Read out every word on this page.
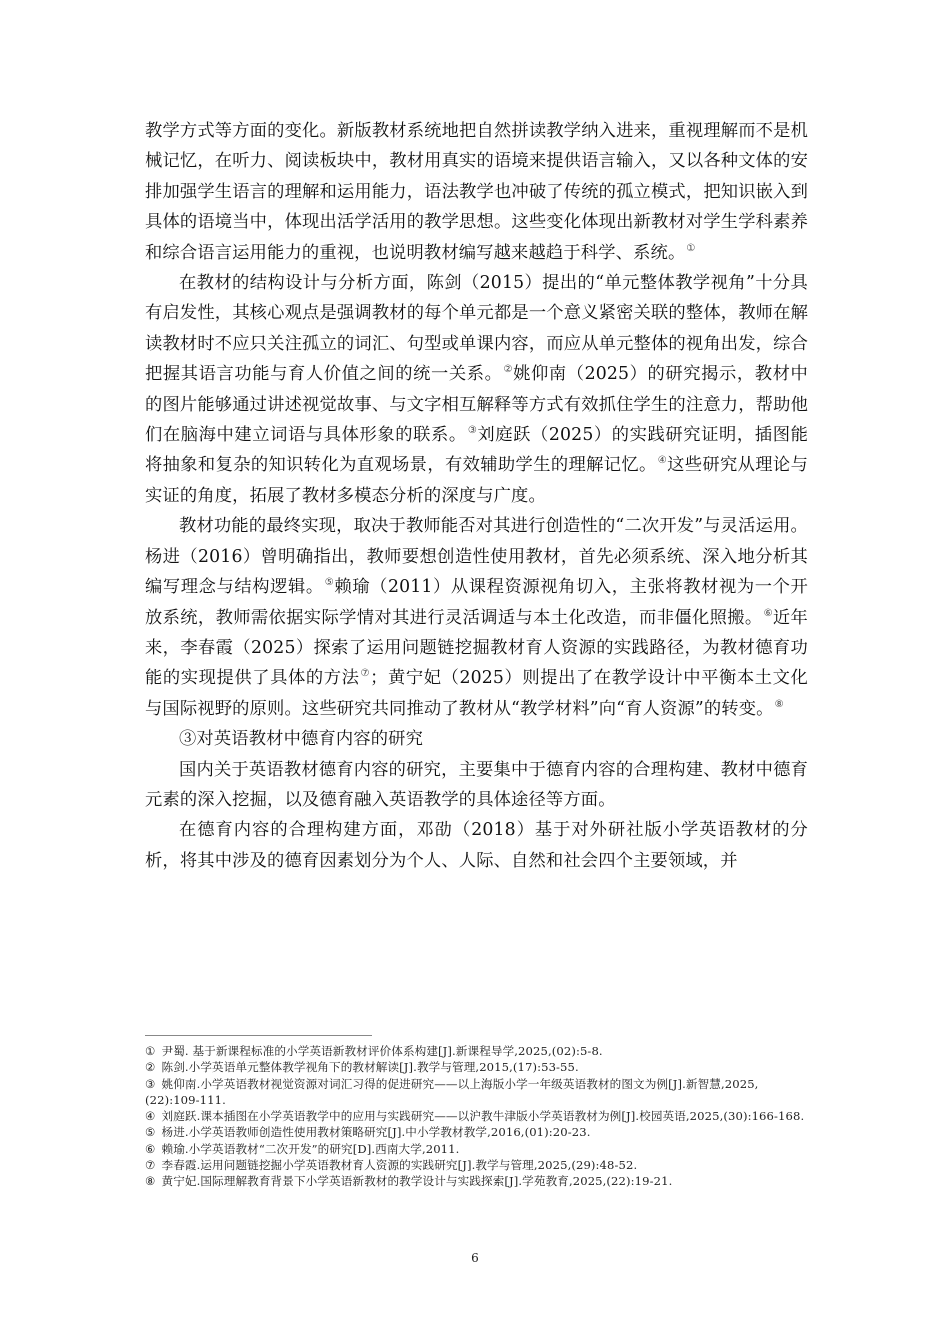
教学方式等方面的变化。新版教材系统地把自然拼读教学纳入进来，重视理解而不是机械记忆，在听力、阅读板块中，教材用真实的语境来提供语言输入，又以各种文体的安排加强学生语言的理解和运用能力，语法教学也冲破了传统的孤立模式，把知识嵌入到具体的语境当中，体现出活学活用的教学思想。这些变化体现出新教材对学生学科素养和综合语言运用能力的重视，也说明教材编写越来越趋于科学、系统。①

在教材的结构设计与分析方面，陈剑（2015）提出的“单元整体教学视角”十分具有启发性，其核心观点是强调教材的每个单元都是一个意义紧密关联的整体，教师在解读教材时不应只关注孤立的词汇、句型或单课内容，而应从单元整体的视角出发，综合把握其语言功能与育人价值之间的统一关系。②姚仰南（2025）的研究揭示，教材中的图片能够通过讲述视觉故事、与文字相互解释等方式有效抓住学生的注意力，帮助他们在脑海中建立词语与具体形象的联系。③刘庭跃（2025）的实践研究证明，插图能将抽象和复杂的知识转化为直观场景，有效辅助学生的理解记忆。④这些研究从理论与实证的角度，拓展了教材多模态分析的深度与广度。

教材功能的最终实现，取决于教师能否对其进行创造性的“二次开发”与灵活运用。杨进（2016）曾明确指出，教师要想创造性使用教材，首先必须系统、深入地分析其编写理念与结构逻辑。⑤赖瑜（2011）从课程资源视角切入，主张将教材视为一个开放系统，教师需依据实际学情对其进行灵活调适与本土化改造，而非僵化照搬。⑥近年来，李春霞（2025）探索了运用问题链挖掘教材育人资源的实践路径，为教材德育功能的实现提供了具体的方法⑦；黄宁妃（2025）则提出了在教学设计中平衡本土文化与国际视野的原则。这些研究共同推动了教材从“教学材料”向“育人资源”的转变。⑧

③对英语教材中德育内容的研究

国内关于英语教材德育内容的研究，主要集中于德育内容的合理构建、教材中德育元素的深入挖掘，以及德育融入英语教学的具体途径等方面。

在德育内容的合理构建方面，邓劭（2018）基于对外研社版小学英语教材的分析，将其中涉及的德育因素划分为个人、人际、自然和社会四个主要领域，并

① 尹蜀. 基于新课程标准的小学英语新教材评价体系构建[J].新课程导学,2025,(02):5-8.

② 陈剑.小学英语单元整体教学视角下的教材解读[J].教学与管理,2015,(17):53-55.

③ 姚仰南.小学英语教材视觉资源对词汇习得的促进研究——以上海版小学一年级英语教材的图文为例[J].新智慧,2025,(22):109-111.

④ 刘庭跃.课本插图在小学英语教学中的应用与实践研究——以沪教牛津版小学英语教材为例[J].校园英语,2025,(30):166-168.

⑤ 杨进.小学英语教师创造性使用教材策略研究[J].中小学教材教学,2016,(01):20-23.

⑥ 赖瑜.小学英语教材“二次开发”的研究[D].西南大学,2011.

⑦ 李春霞.运用问题链挖掘小学英语教材育人资源的实践研究[J].教学与管理,2025,(29):48-52.

⑧ 黄宁妃.国际理解教育背景下小学英语新教材的教学设计与实践探索[J].学苑教育,2025,(22):19-21.

6
